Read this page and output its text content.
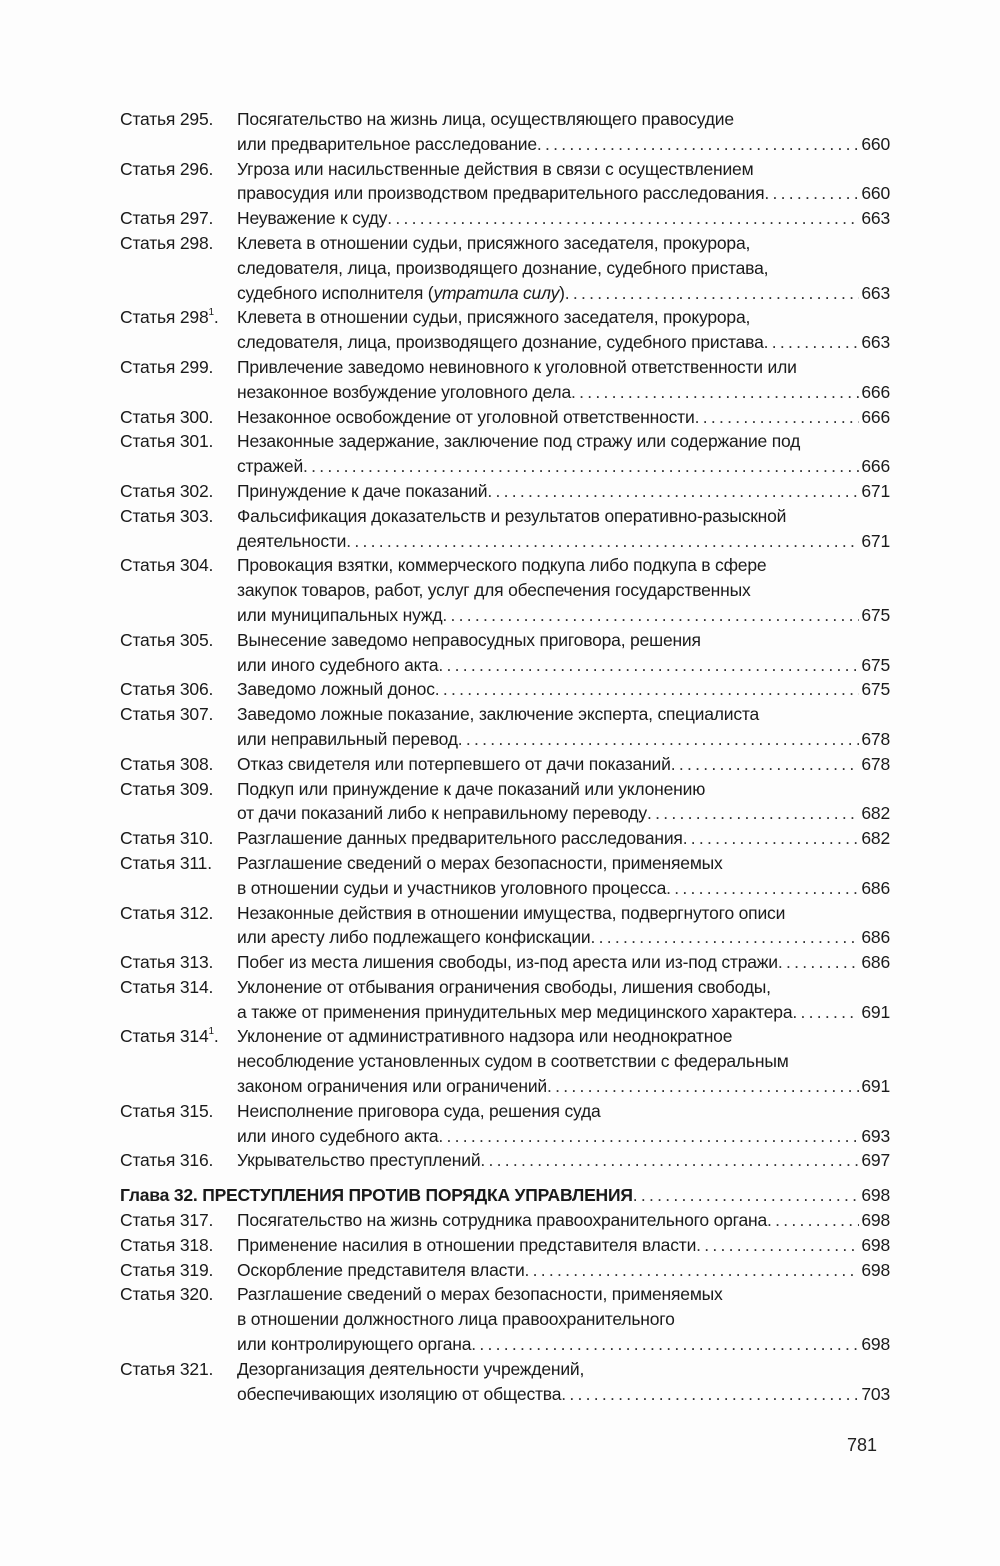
Статья 295.	Посягательство на жизнь лица, осуществляющего правосудие
или предварительное расследование . . .	660
Статья 296.	Угроза или насильственные действия в связи с осуществлением
правосудия или производством предварительного расследования . . .	660
Статья 297.	Неуважение к суду . . .	663
Статья 298.	Клевета в отношении судьи, присяжного заседателя, прокурора,
следователя, лица, производящего дознание, судебного пристава,
судебного исполнителя (утратила силу) . . .	663
Статья $298^1$.	Клевета в отношении судьи, присяжного заседателя, прокурора,
следователя, лица, производящего дознание, судебного пристава . . .	663
Статья 299.	Привлечение заведомо невиновного к уголовной ответственности или
незаконное возбуждение уголовного дела . . .	666
Статья 300.	Незаконное освобождение от уголовной ответственности . . .	666
Статья 301.	Незаконные задержание, заключение под стражу или содержание под
стражей . . .	666
Статья 302.	Принуждение к даче показаний . . .	671
Статья 303.	Фальсификация доказательств и результатов оперативно-разыскной
деятельности . . .	671
Статья 304.	Провокация взятки, коммерческого подкупа либо подкупа в сфере
закупок товаров, работ, услуг для обеспечения государственных
или муниципальных нужд . . .	675
Статья 305.	Вынесение заведомо неправосудных приговора, решения
или иного судебного акта . . .	675
Статья 306.	Заведомо ложный донос . . .	675
Статья 307.	Заведомо ложные показание, заключение эксперта, специалиста
или неправильный перевод . . .	678
Статья 308.	Отказ свидетеля или потерпевшего от дачи показаний . . .	678
Статья 309.	Подкуп или принуждение к даче показаний или уклонению
от дачи показаний либо к неправильному переводу . . .	682
Статья 310.	Разглашение данных предварительного расследования . . .	682
Статья 311.	Разглашение сведений о мерах безопасности, применяемых
в отношении судьи и участников уголовного процесса . . .	686
Статья 312.	Незаконные действия в отношении имущества, подвергнутого описи
или аресту либо подлежащего конфискации . . .	686
Статья 313.	Побег из места лишения свободы, из-под ареста или из-под стражи . . .	686
Статья 314.	Уклонение от отбывания ограничения свободы, лишения свободы,
а также от применения принудительных мер медицинского характера . . .	691
Статья $314^1$.	Уклонение от административного надзора или неоднократное
несоблюдение установленных судом в соответствии с федеральным
законом ограничения или ограничений . . .	691
Статья 315.	Неисполнение приговора суда, решения суда
или иного судебного акта . . .	693
Статья 316.	Укрывательство преступлений . . .	697
Глава 32. ПРЕСТУПЛЕНИЯ ПРОТИВ ПОРЯДКА УПРАВЛЕНИЯ . . .	698
Статья 317.	Посягательство на жизнь сотрудника правоохранительного органа . . .	698
Статья 318.	Применение насилия в отношении представителя власти . . .	698
Статья 319.	Оскорбление представителя власти . . .	698
Статья 320.	Разглашение сведений о мерах безопасности, применяемых
в отношении должностного лица правоохранительного
или контролирующего органа . . .	698
Статья 321.	Дезорганизация деятельности учреждений,
обеспечивающих изоляцию от общества . . .	703
781
